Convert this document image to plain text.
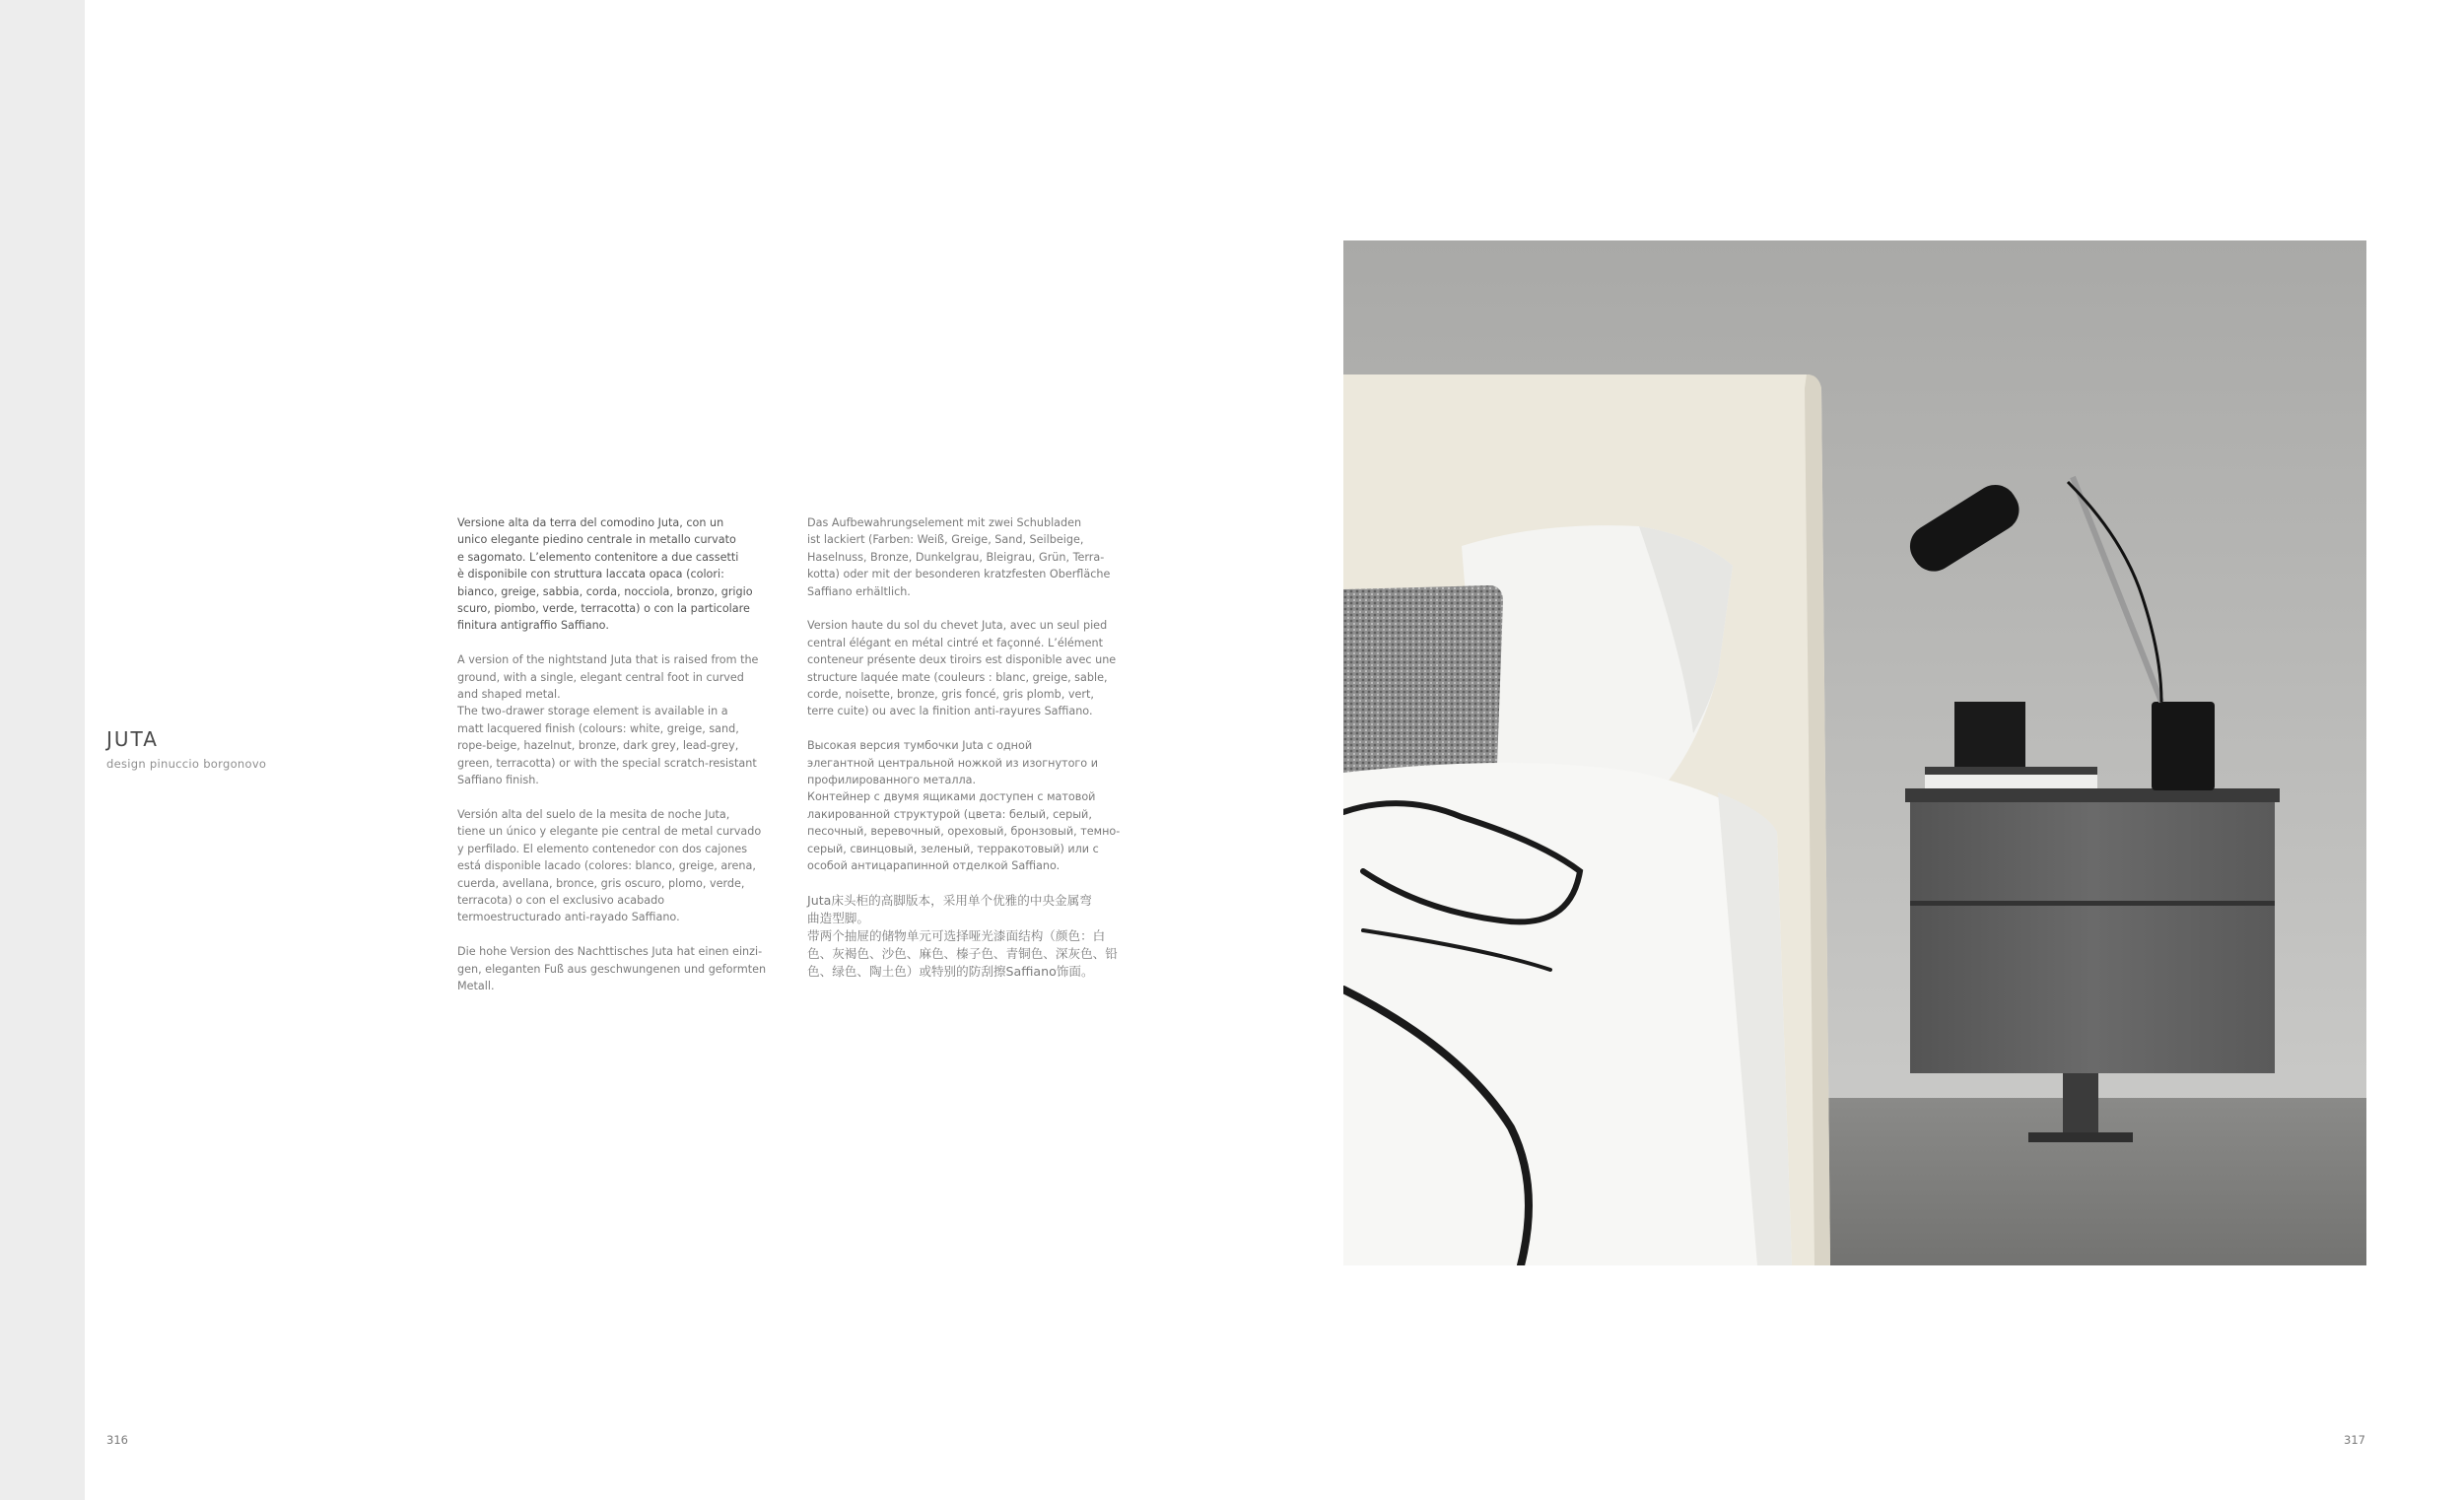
JUTA
design pinuccio borgonovo

Versione alta da terra del comodino Juta, con un
unico elegante piedino centrale in metallo curvato
e sagomato. L’elemento contenitore a due cassetti
è disponibile con struttura laccata opaca (colori:
bianco, greige, sabbia, corda, nocciola, bronzo, grigio
scuro, piombo, verde, terracotta) o con la particolare
finitura antigraffio Saffiano.

A version of the nightstand Juta that is raised from the
ground, with a single, elegant central foot in curved
and shaped metal.
The two-drawer storage element is available in a
matt lacquered finish (colours: white, greige, sand,
rope-beige, hazelnut, bronze, dark grey, lead-grey,
green, terracotta) or with the special scratch-resistant
Saffiano finish.

Versión alta del suelo de la mesita de noche Juta,
tiene un único y elegante pie central de metal curvado
y perfilado. El elemento contenedor con dos cajones
está disponible lacado (colores: blanco, greige, arena,
cuerda, avellana, bronce, gris oscuro, plomo, verde,
terracota) o con el exclusivo acabado
termoestructurado anti-rayado Saffiano.

Die hohe Version des Nachttisches Juta hat einen einzi-
gen, eleganten Fuß aus geschwungenen und geformten
Metall.

Das Aufbewahrungselement mit zwei Schubladen
ist lackiert (Farben: Weiß, Greige, Sand, Seilbeige,
Haselnuss, Bronze, Dunkelgrau, Bleigrau, Grün, Terra-
kotta) oder mit der besonderen kratzfesten Oberfläche
Saffiano erhältlich.

Version haute du sol du chevet Juta, avec un seul pied
central élégant en métal cintré et façonné. L’élément
conteneur présente deux tiroirs est disponible avec une
structure laquée mate (couleurs : blanc, greige, sable,
corde, noisette, bronze, gris foncé, gris plomb, vert,
terre cuite) ou avec la finition anti-rayures Saffiano.

Высокая версия тумбочки Juta с одной
элегантной центральной ножкой из изогнутого и
профилированного металла.
Контейнер с двумя ящиками доступен с матовой
лакированной структурой (цвета: белый, серый,
песочный, веревочный, ореховый, бронзовый, темно-
серый, свинцовый, зеленый, терракотовый) или с
особой антицарапинной отделкой Saffiano.

Juta床头柜的高脚版本，采用单个优雅的中央金属弯
曲造型脚。
带两个抽屉的储物单元可选择哑光漆面结构（颜色：白
色、灰褐色、沙色、麻色、榛子色、青铜色、深灰色、铅
色、绿色、陶土色）或特别的防刮擦Saffiano饰面。

316	317
